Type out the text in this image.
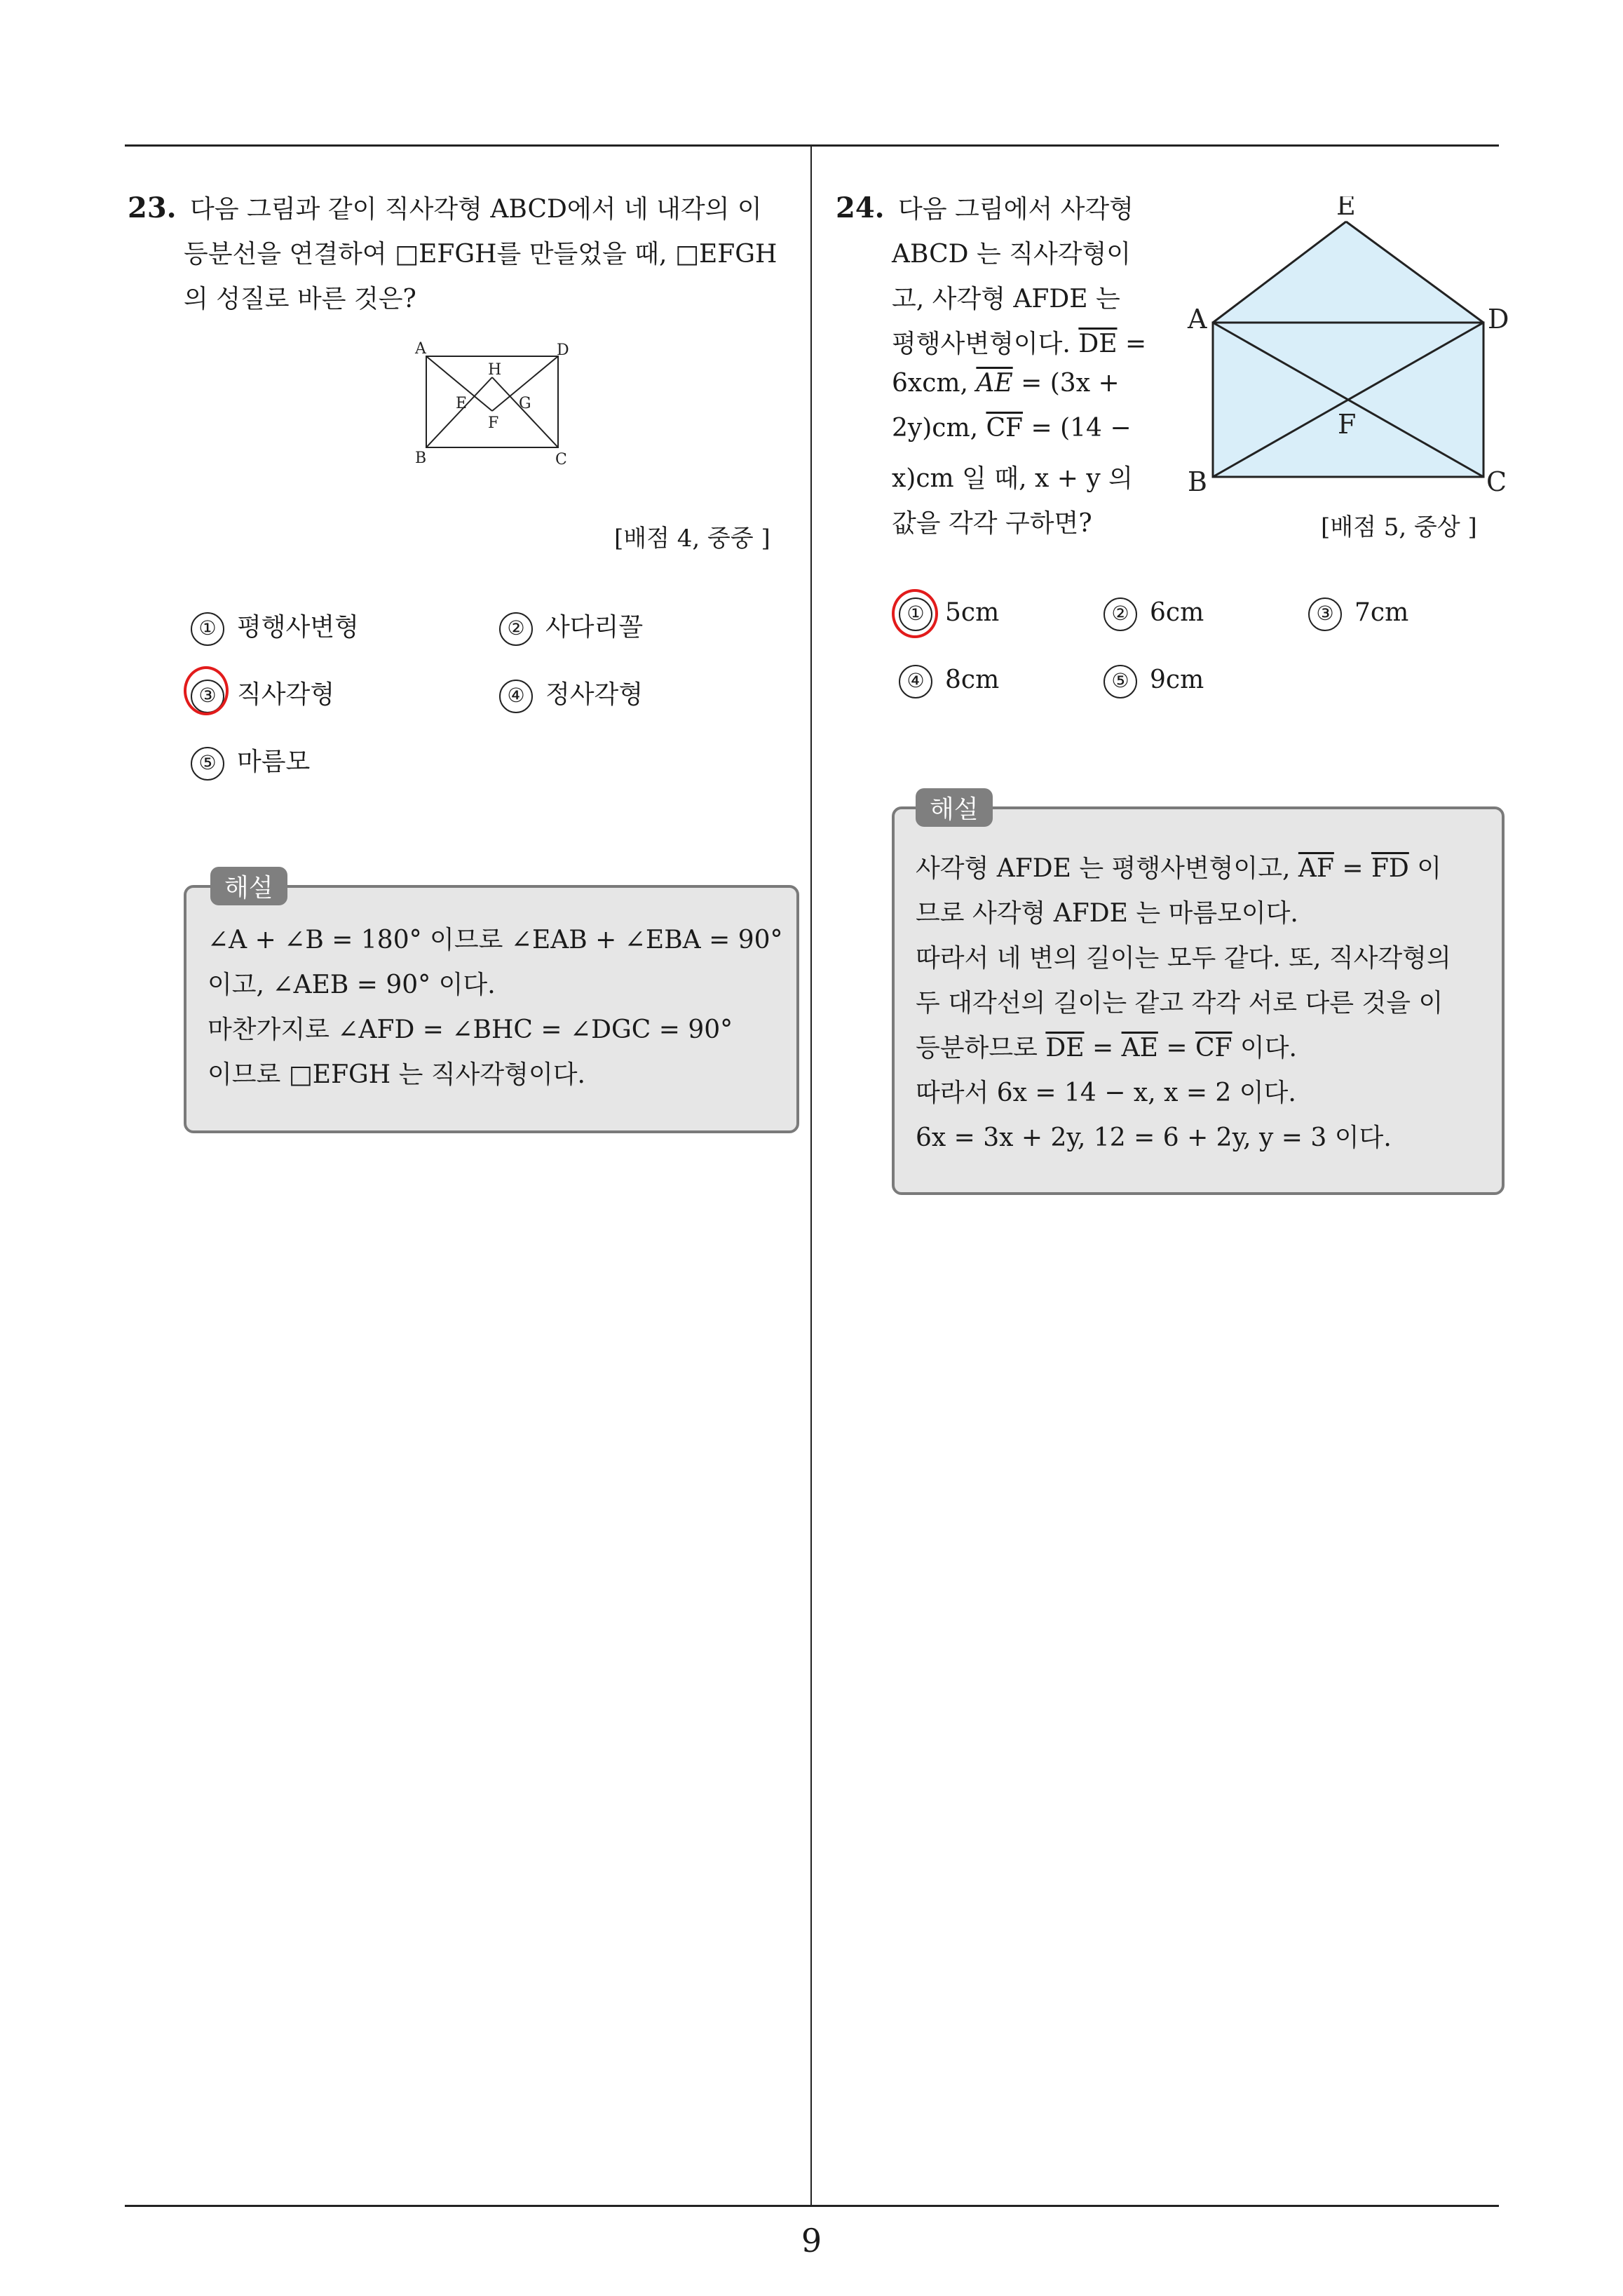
9
23. 다음 그림과 같이 직사각형 ABCD에서 네 내각의 이
등분선을 연결하여 □EFGH를 만들었을 때, □EFGH
의 성질로 바른 것은?
A	D
B	C
H
E	G
F
[배점 4, 중중 ]
① 평행사변형	② 사다리꼴
③ 직사각형	④ 정사각형
⑤ 마름모
∠A + ∠B = 180° 이므로 ∠EAB + ∠EBA = 90°
이고, ∠AEB = 90° 이다.
마찬가지로 ∠AFD = ∠BHC = ∠DGC = 90°
이므로 □EFGH 는 직사각형이다.
해설
24. 다음 그림에서 사각형
ABCD 는 직사각형이
고, 사각형 AFDE 는
평행사변형이다. $\overline{DE}$ =
6xcm, $\overline{AE} = (3x$ +
2y)cm, $\overline{CF} = (14$ −
x)cm 일 때, x + y 의
값을 각각 구하면?
E
A	D
F
B	C
[배점 5, 중상 ]
① 5cm	② 6cm	③ 7cm
④ 8cm	⑤ 9cm
사각형 AFDE 는 평행사변형이고, $\overline{AF} = \overline{FD}$ 이
므로 사각형 AFDE 는 마름모이다.
따라서 네 변의 길이는 모두 같다. 또, 직사각형의
두 대각선의 길이는 같고 각각 서로 다른 것을 이
등분하므로 $\overline{DE} = \overline{AE} = \overline{CF}$ 이다.
따라서 6x = 14 − x, x = 2 이다.
6x = 3x + 2y, 12 = 6 + 2y, y = 3 이다.
해설
